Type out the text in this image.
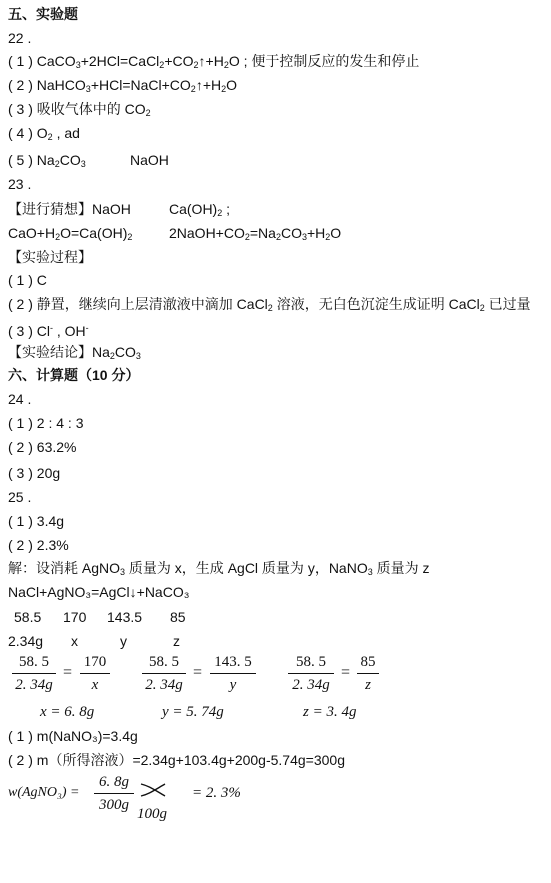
五、实验题
22 .
( 1 ) $CaCO_3+2HCl=CaCl_2+CO_2↑+H_2O$ ; 便于控制反应的发生和停止
( 2 ) $NaHCO_3+HCl=NaCl+CO_2↑+H_2O$
( 3 ) 吸收气体中的 $CO_2$
( 4 ) $O_2$ , ad
( 5 ) $Na_2CO_3$	NaOH
23 .
【进行猜想】NaOH	$Ca(OH)_2$ ;
$CaO+H_2O=Ca(OH)_2$	$2NaOH+CO_2=Na_2CO_3+H_2O$
【实验过程】
( 1 ) C
( 2 ) 静置，继续向上层清澈液中滴加 CaCl$_2$ 溶液，无白色沉淀生成证明 CaCl$_2$ 已过量
( 3 ) Cl- , OH-
【实验结论】$Na_2CO_3$
六、计算题（10 分）
24 .
( 1 ) 2 : 4 : 3
( 2 ) 63.2%
( 3 ) 20g
25 .
( 1 ) 3.4g
( 2 ) 2.3%
解：设消耗 AgNO$_3$ 质量为 x，生成 AgCl 质量为 y，NaNO$_3$ 质量为 z
NaCl+AgNO₃=AgCl↓+NaCO₃
58.5 170 143.5 85
2.34g x	y	z
58. 5
2. 34g
=
170
x
58. 5
2. 34g
=
143. 5
y
58. 5
2. 34g
=
85
z
x = 6. 8g	y = 5. 74g	z = 3. 4g
( 1 ) m(NaNO₃)=3.4g
( 2 ) m（所得溶液）=2.34g+103.4g+200g-5.74g=300g
w(AgNO₃) =
6. 8g
300g
100g
= 2. 3%
